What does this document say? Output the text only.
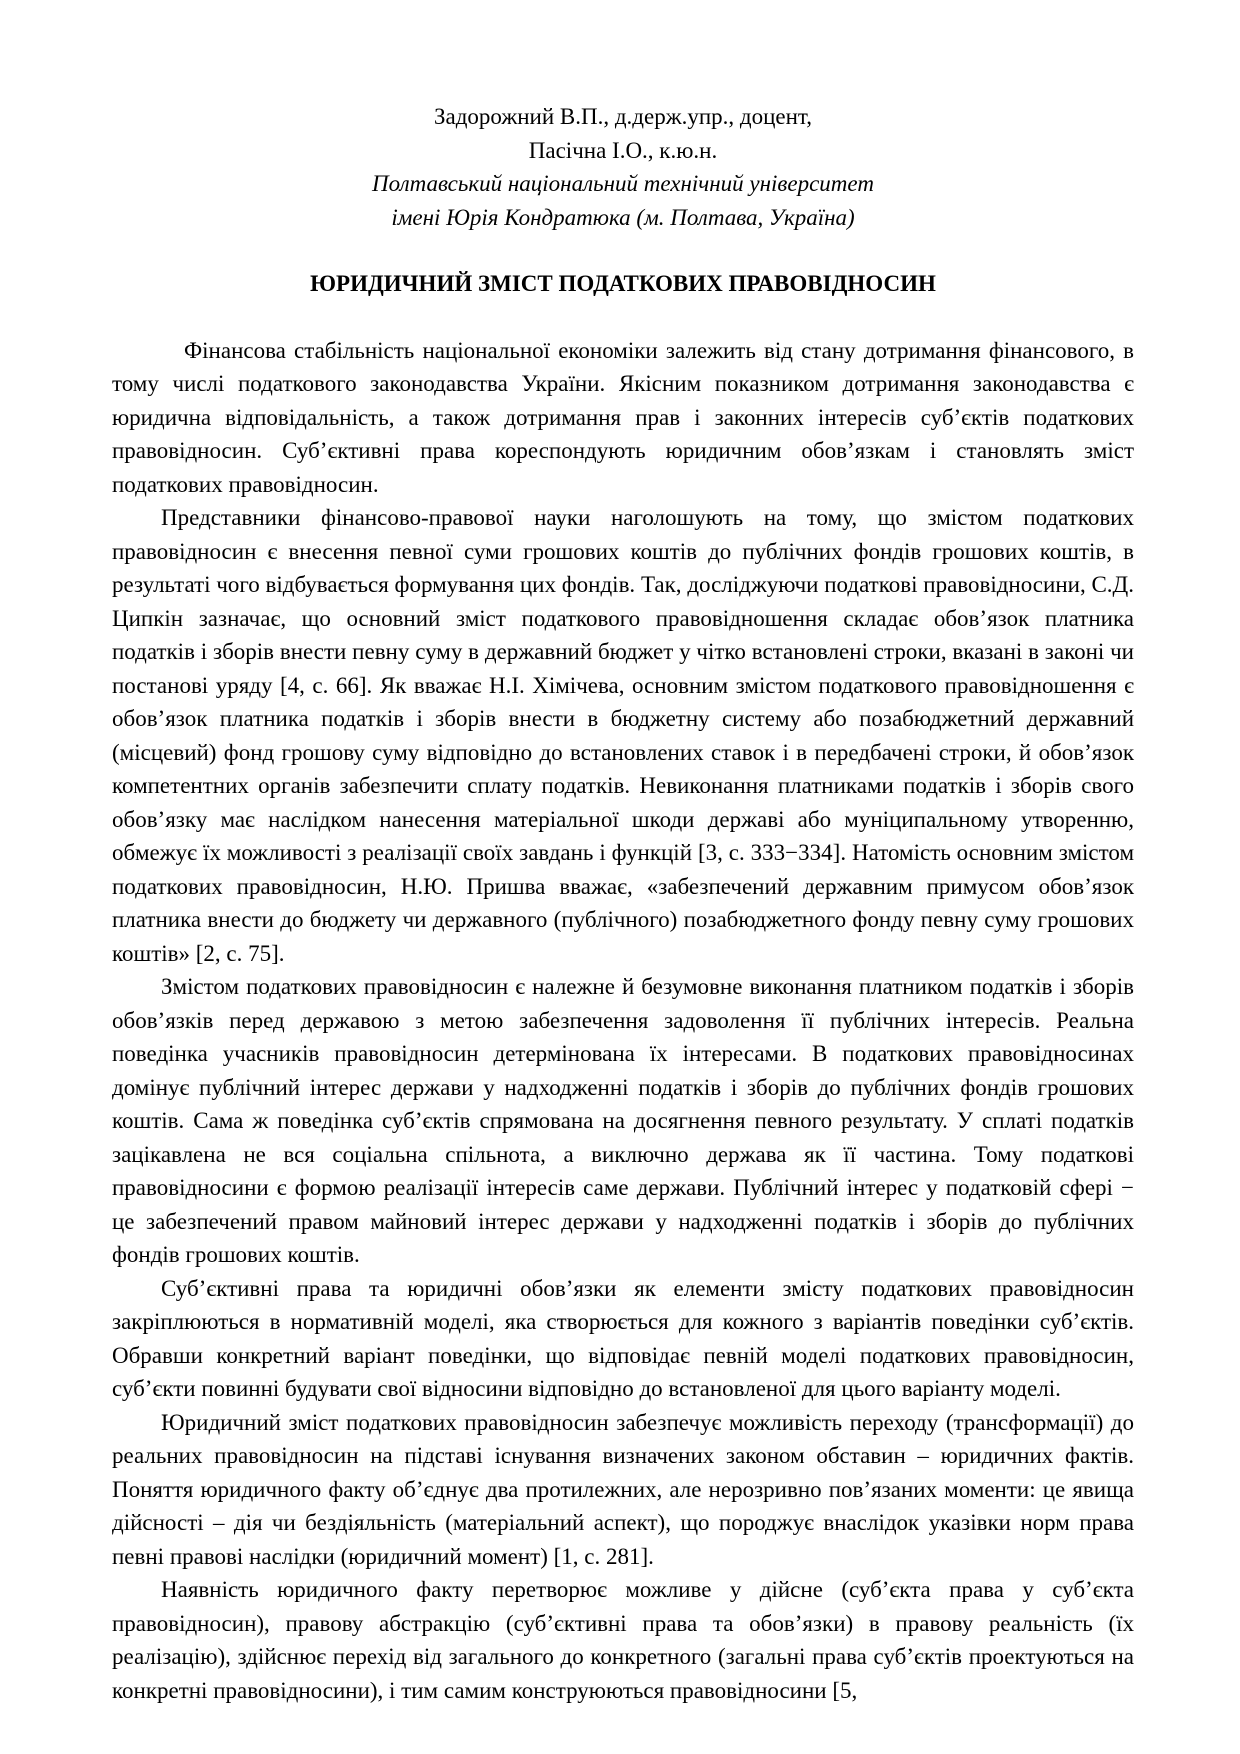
Задорожний В.П., д.держ.упр., доцент,
Пасічна І.О., к.ю.н.
Полтавський національний технічний університет
імені Юрія Кондратюка (м. Полтава, Україна)
ЮРИДИЧНИЙ ЗМІСТ ПОДАТКОВИХ ПРАВОВІДНОСИН

Фінансова стабільність національної економіки залежить від стану дотримання фінансового, в тому числі податкового законодавства України. Якісним показником дотримання законодавства є юридична відповідальність, а також дотримання прав і законних інтересів суб’єктів податкових правовідносин. Суб’єктивні права кореспондують юридичним обов’язкам і становлять зміст податкових правовідносин.

Представники фінансово-правової науки наголошують на тому, що змістом податкових правовідносин є внесення певної суми грошових коштів до публічних фондів грошових коштів, в результаті чого відбувається формування цих фондів. Так, досліджуючи податкові правовідносини, С.Д. Ципкін зазначає, що основний зміст податкового правовідношення складає обов’язок платника податків і зборів внести певну суму в державний бюджет у чітко встановлені строки, вказані в законі чи постанові уряду [4, с. 66]. Як вважає Н.І. Хімічева, основним змістом податкового правовідношення є обов’язок платника податків і зборів внести в бюджетну систему або позабюджетний державний (місцевий) фонд грошову суму відповідно до встановлених ставок і в передбачені строки, й обов’язок компетентних органів забезпечити сплату податків. Невиконання платниками податків і зборів свого обов’язку має наслідком нанесення матеріальної шкоди державі або муніципальному утворенню, обмежує їх можливості з реалізації своїх завдань і функцій [3, с. 333−334]. Натомість основним змістом податкових правовідносин, Н.Ю. Пришва вважає, «забезпечений державним примусом обов’язок платника внести до бюджету чи державного (публічного) позабюджетного фонду певну суму грошових коштів» [2, с. 75].

Змістом податкових правовідносин є належне й безумовне виконання платником податків і зборів обов’язків перед державою з метою забезпечення задоволення її публічних інтересів. Реальна поведінка учасників правовідносин детермінована їх інтересами. В податкових правовідносинах домінує публічний інтерес держави у надходженні податків і зборів до публічних фондів грошових коштів. Сама ж поведінка суб’єктів спрямована на досягнення певного результату. У сплаті податків зацікавлена не вся соціальна спільнота, а виключно держава як її частина. Тому податкові правовідносини є формою реалізації інтересів саме держави. Публічний інтерес у податковій сфері − це забезпечений правом майновий інтерес держави у надходженні податків і зборів до публічних фондів грошових коштів.

Суб’єктивні права та юридичні обов’язки як елементи змісту податкових правовідносин закріплюються в нормативній моделі, яка створюється для кожного з варіантів поведінки суб’єктів. Обравши конкретний варіант поведінки, що відповідає певній моделі податкових правовідносин, суб’єкти повинні будувати свої відносини відповідно до встановленої для цього варіанту моделі.

Юридичний зміст податкових правовідносин забезпечує можливість переходу (трансформації) до реальних правовідносин на підставі існування визначених законом обставин – юридичних фактів. Поняття юридичного факту об’єднує два протилежних, але нерозривно пов’язаних моменти: це явища дійсності – дія чи бездіяльність (матеріальний аспект), що породжує внаслідок указівки норм права певні правові наслідки (юридичний момент) [1, с. 281].

Наявність юридичного факту перетворює можливе у дійсне (суб’єкта права у суб’єкта правовідносин), правову абстракцію (суб’єктивні права та обов’язки) в правову реальність (їх реалізацію), здійснює перехід від загального до конкретного (загальні права суб’єктів проектуються на конкретні правовідносини), і тим самим конструюються правовідносини [5,
